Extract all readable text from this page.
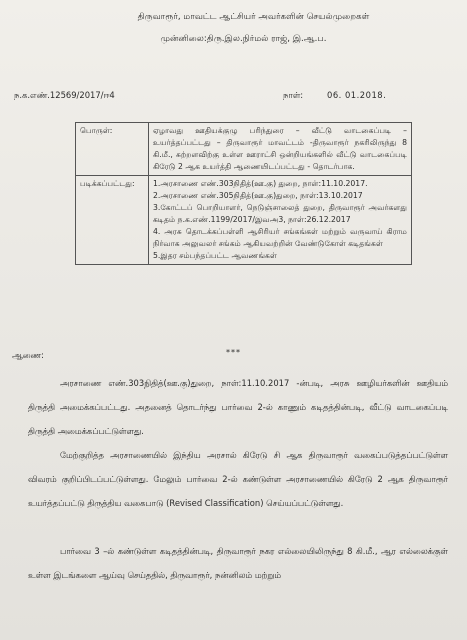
திருவாரூர், மாவட்ட ஆட்சியர் அவர்களின் செயல்முறைகள்
முன்னிலை:திரு.இல.நிர்மல் ராஜ், இ.ஆ.ப.
ந.க.எண்.12569/2017/ஈ4	நாள்:	06. 01.2018.
பொருள்:	ஏழாவது ஊதியக்குழு பரிந்துரை – வீட்டு வாடகைப்படி – உயர்த்தப்பட்டது – திருவாரூர் மாவட்டம் -திருவாரூர் நகரிலிருந்து 8 கி.மீ., சுற்றளவிற்கு உள்ள ஊராட்சி ஒன்றியங்களில் வீட்டு வாடகைப்படி கிரேடு 2 ஆக உயர்த்தி ஆணையிடப்பட்டது - தொடர்பாக.
படிக்கப்பட்டது:	1.அரசாணை எண்.303நிதித்(ஊ.கு) துறை, நாள்:11.10.2017.
2.அரசாணை எண்.305நிதித்(ஊ.கு)துறை, நாள்:13.10.2017
3.கோட்டப் பொறியாளர், நெடுஞ்சாலைத் துறை, திருவாரூர் அவர்களது கடிதம் ந.க.எண்.1199/2017/இவஅ3, நாள்:26.12.2017
4. அரசு தொடக்கப்பள்ளி ஆசிரியர் சங்கங்கள் மற்றும் வருவாய் கிராம நிர்வாக அலுவலர் சங்கம் ஆகியவற்றின் வேண்டுகோள் கடிதங்கள்
5.இதர சம்பந்தப்பட்ட ஆவணங்கள்
***
ஆணை:
அரசாணை எண்.303நிதித்(ஊ.கு)துறை, நாள்:11.10.2017 -ன்படி, அரசு ஊழியர்களின் ஊதியம் திருத்தி அமைக்கப்பட்டது. அதனைத் தொடர்ந்து பார்வை 2-ல் காணும் கடிதத்தின்படி, வீட்டு வாடகைப்படி திருத்தி அமைக்கப்பட்டுள்ளது.
மேற்குறித்த அரசாணையில் இந்திய அரசால் கிரேடு சி ஆக திருவாரூர் வகைப்படுத்தப்பட்டுள்ள விவரம் குறிப்பிடப்பட்டுள்ளது. மேலும் பார்வை 2-ல் கண்டுள்ள அரசாணையில் கிரேடு 2 ஆக திருவாரூர் உயர்த்தப்பட்டு திருத்திய வகைபாடு (Revised Classification) செய்யப்பட்டுள்ளது.
பார்வை 3 –ல் கண்டுள்ள கடிதத்தின்படி, திருவாரூர் நகர எல்லையிலிருந்து 8 கி.மீ., ஆர எல்லைக்குள் உள்ள இடங்களை ஆய்வு செய்ததில், திருவாரூர், நன்னிலம் மற்றும்
